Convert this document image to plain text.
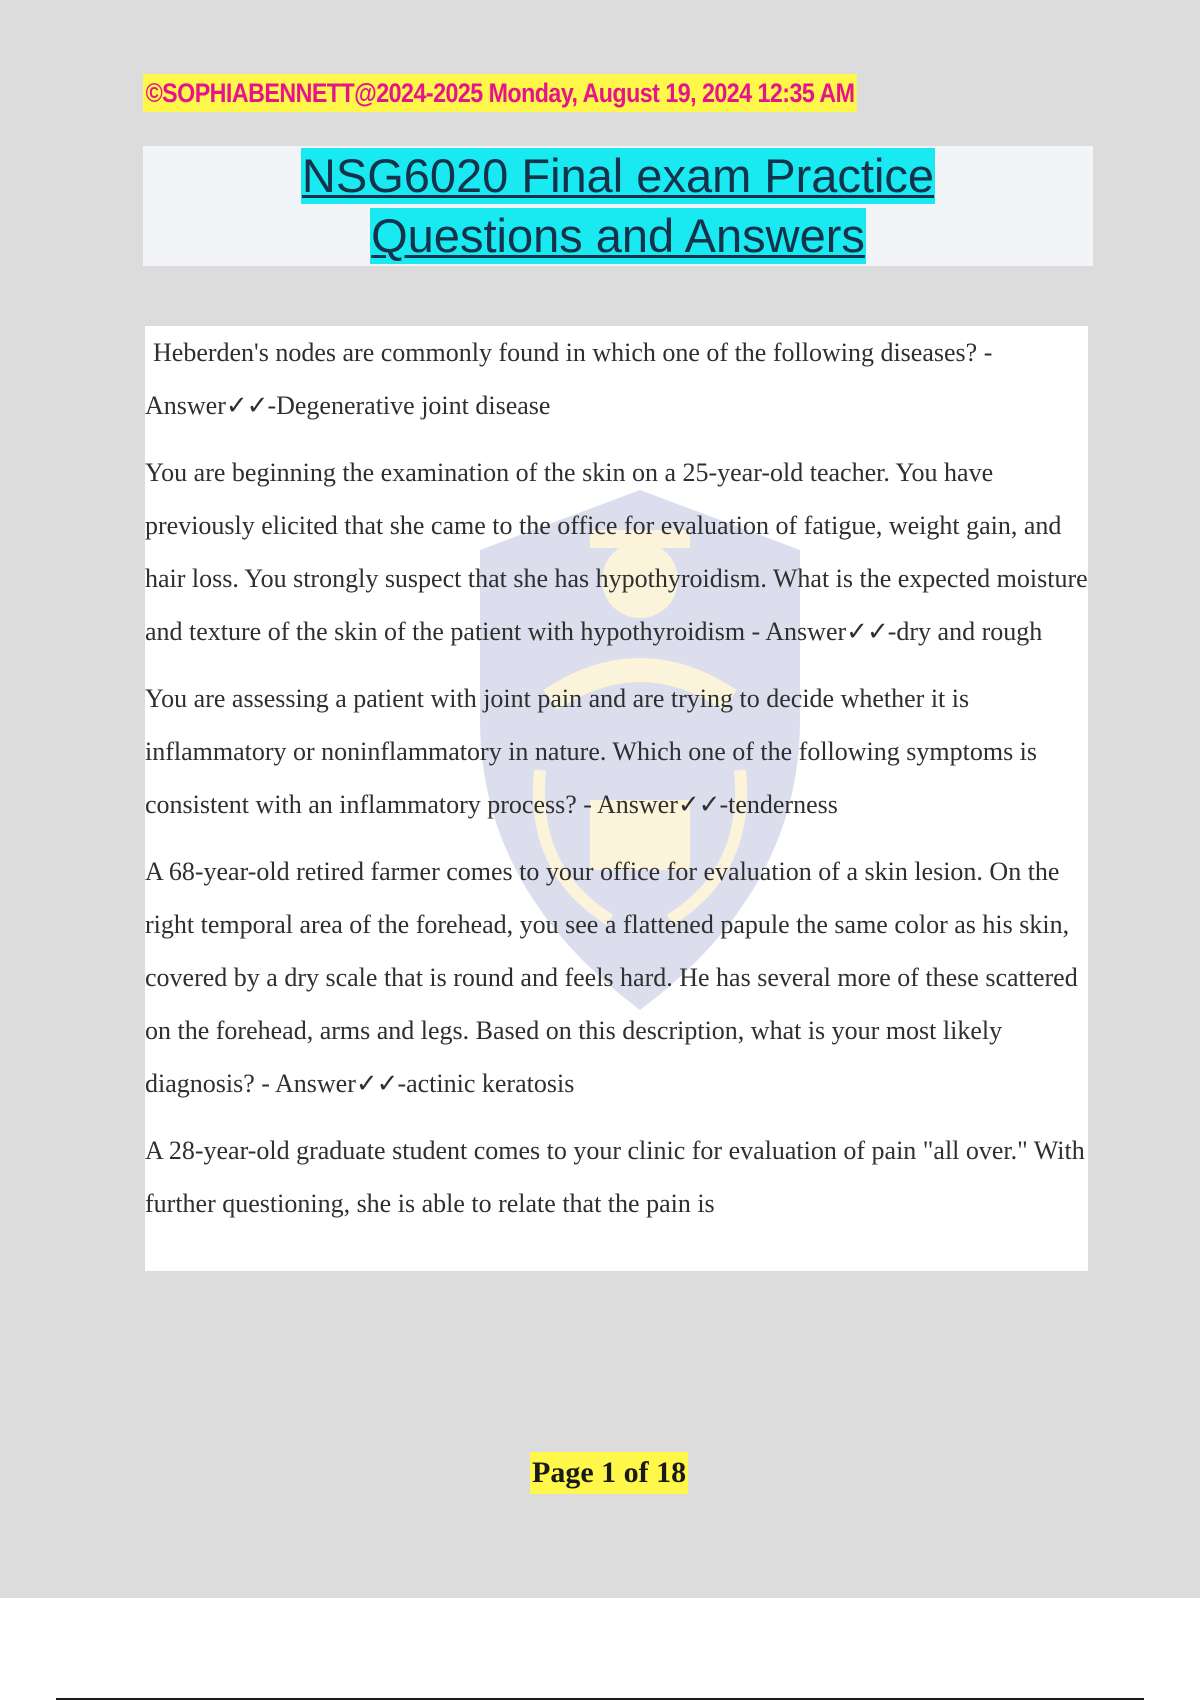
©SOPHIABENNETT@2024-2025 Monday, August 19, 2024 12:35 AM
NSG6020 Final exam Practice
Questions and Answers

Heberden's nodes are commonly found in which one of the following diseases? - Answer✓✓-Degenerative joint disease

You are beginning the examination of the skin on a 25-year-old teacher. You have previously elicited that she came to the office for evaluation of fatigue, weight gain, and hair loss. You strongly suspect that she has hypothyroidism. What is the expected moisture and texture of the skin of the patient with hypothyroidism - Answer✓✓-dry and rough

You are assessing a patient with joint pain and are trying to decide whether it is inflammatory or noninflammatory in nature. Which one of the following symptoms is consistent with an inflammatory process? - Answer✓✓-tenderness

A 68-year-old retired farmer comes to your office for evaluation of a skin lesion. On the right temporal area of the forehead, you see a flattened papule the same color as his skin, covered by a dry scale that is round and feels hard. He has several more of these scattered on the forehead, arms and legs. Based on this description, what is your most likely diagnosis? - Answer✓✓-actinic keratosis

A 28-year-old graduate student comes to your clinic for evaluation of pain "all over." With further questioning, she is able to relate that the pain is

Page 1 of 18
